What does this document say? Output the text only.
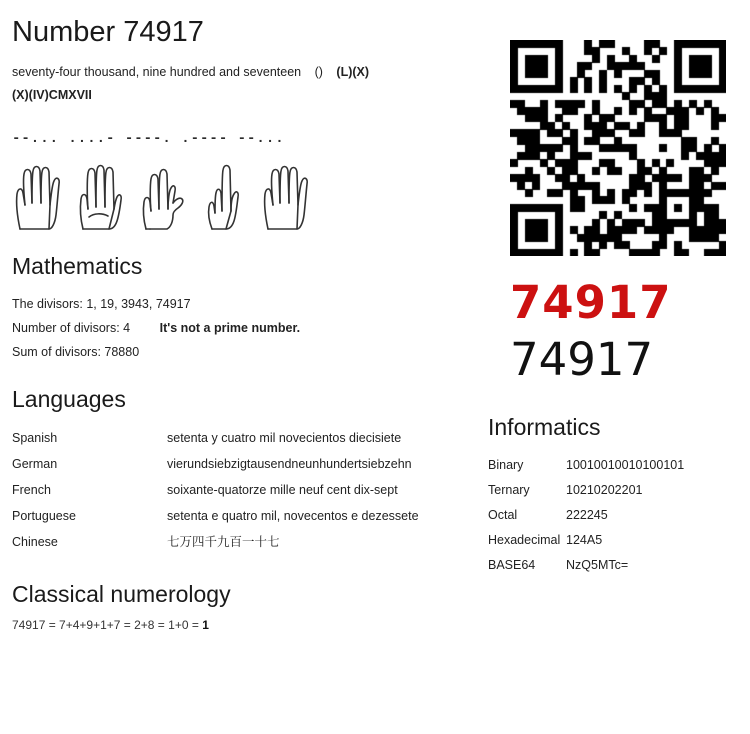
Number 74917
seventy-four thousand, nine hundred and seventeen () (L)(X)
(X)(IV)CMXVII
--... ....- ----. .---- --...
Mathematics
The divisors: 1, 19, 3943, 74917
Number of divisors: 4 It's not a prime number.
Sum of divisors: 78880
Languages
Spanish	setenta y cuatro mil novecientos diecisiete
German	vierundsiebzigtausendneunhundertsiebzehn
French	soixante-quatorze mille neuf cent dix-sept
Portuguese	setenta e quatro mil, novecentos e dezessete
Chinese	七万四千九百一十七
Classical numerology
74917 = 7+4+9+1+7 = 2+8 = 1+0 = 1
74917
74917
Informatics
Binary	10010010010100101
Ternary	10210202201
Octal	222245
Hexadecimal	124A5
BASE64	NzQ5MTc=
